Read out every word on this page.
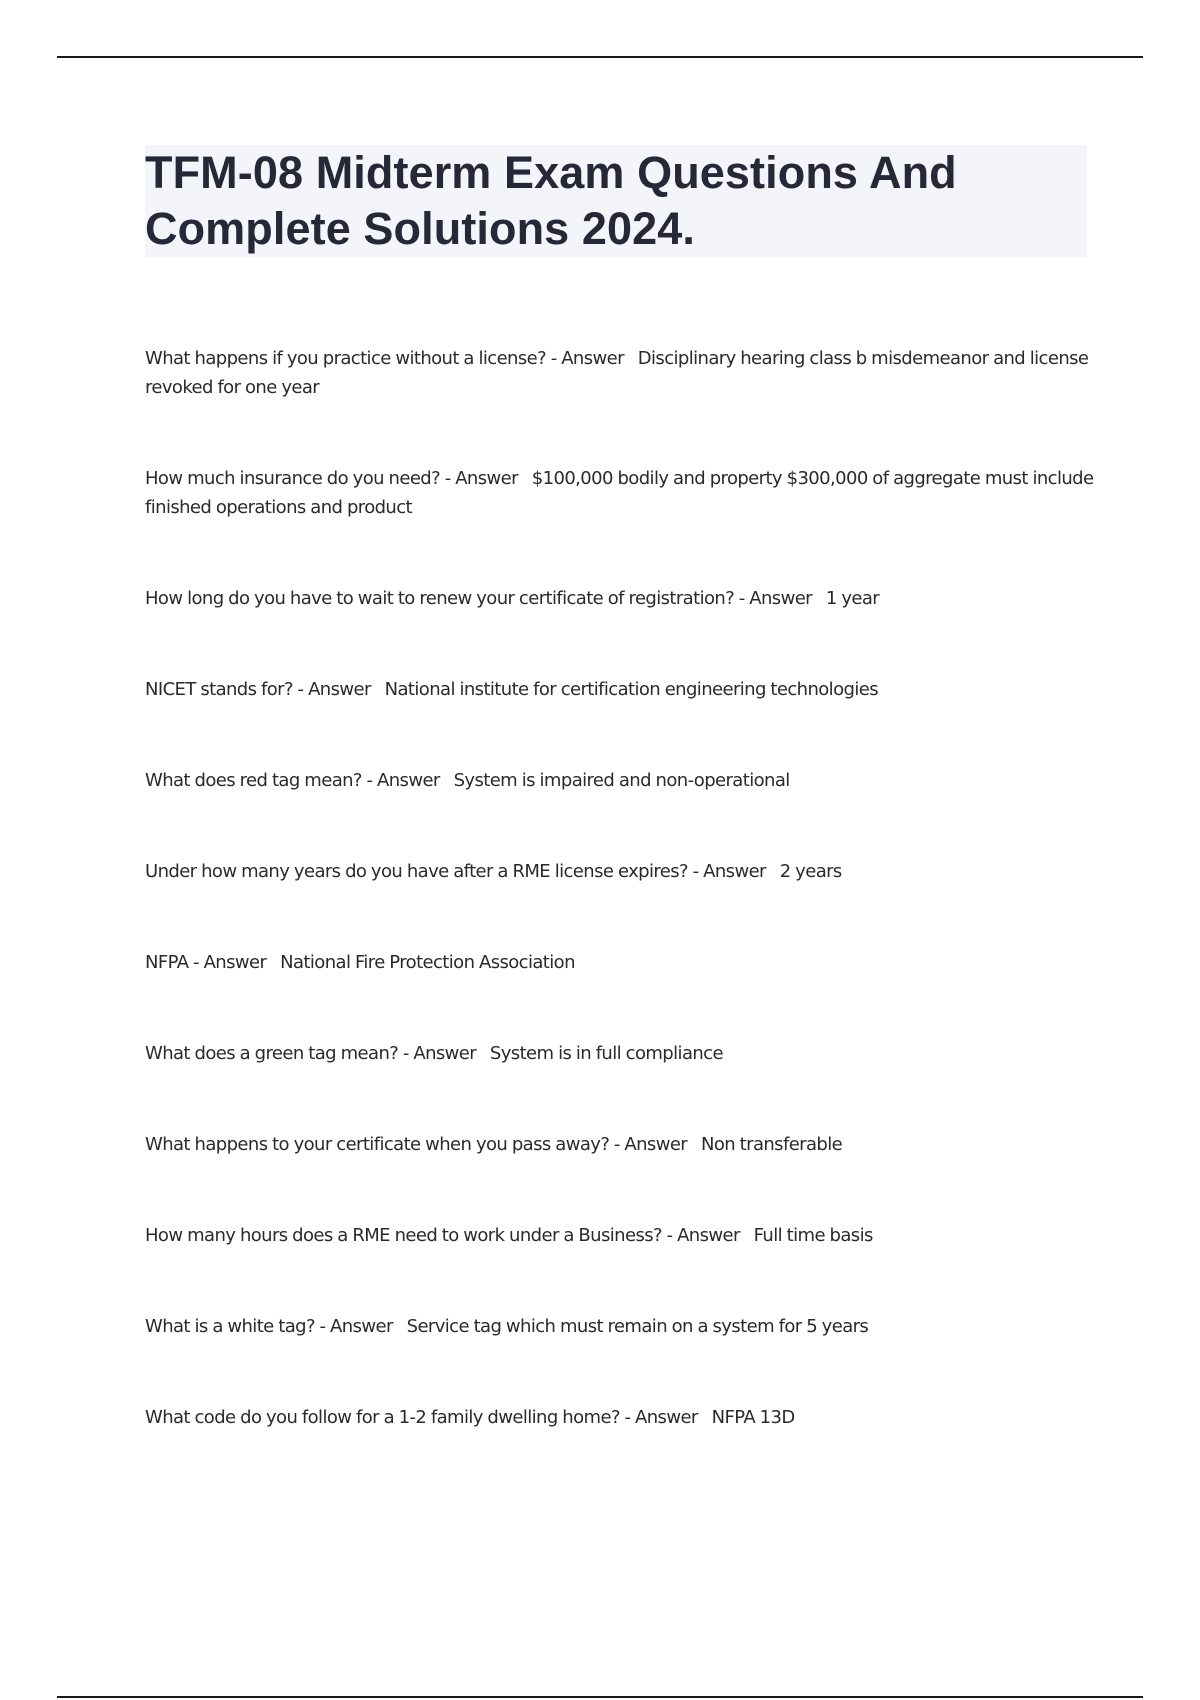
TFM-08 Midterm Exam Questions And Complete Solutions 2024.
What happens if you practice without a license? - Answer   Disciplinary hearing class b misdemeanor and license revoked for one year
How much insurance do you need? - Answer   $100,000 bodily and property $300,000 of aggregate must include finished operations and product
How long do you have to wait to renew your certificate of registration? - Answer   1 year
NICET stands for? - Answer   National institute for certification engineering technologies
What does red tag mean? - Answer   System is impaired and non-operational
Under how many years do you have after a RME license expires? - Answer   2 years
NFPA - Answer   National Fire Protection Association
What does a green tag mean? - Answer   System is in full compliance
What happens to your certificate when you pass away? - Answer   Non transferable
How many hours does a RME need to work under a Business? - Answer   Full time basis
What is a white tag? - Answer   Service tag which must remain on a system for 5 years
What code do you follow for a 1-2 family dwelling home? - Answer   NFPA 13D
